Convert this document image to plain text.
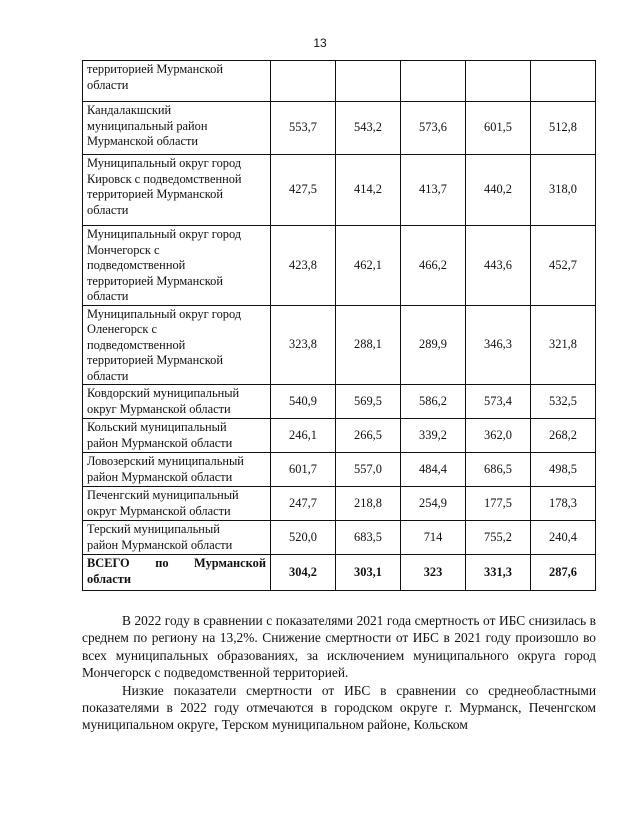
13
территорией Мурманской
области					

Кандалакшский
муниципальный район
Мурманской области	553,7	543,2	573,6	601,5	512,8

Муниципальный округ город
Кировск с подведомственной
территорией Мурманской
области	427,5	414,2	413,7	440,2	318,0

Муниципальный округ город
Мончегорск с
подведомственной
территорией Мурманской
области	423,8	462,1	466,2	443,6	452,7

Муниципальный округ город
Оленегорск с
подведомственной
территорией Мурманской
области	323,8	288,1	289,9	346,3	321,8

Ковдорский муниципальный
округ Мурманской области	540,9	569,5	586,2	573,4	532,5

Кольский муниципальный
район Мурманской области	246,1	266,5	339,2	362,0	268,2

Ловозерский муниципальный
район Мурманской области	601,7	557,0	484,4	686,5	498,5

Печенгский муниципальный
округ Мурманской области	247,7	218,8	254,9	177,5	178,3

Терский муниципальный
район Мурманской области	520,0	683,5	714	755,2	240,4

ВСЕГО по Мурманской
области	304,2	303,1	323	331,3	287,6

В 2022 году в сравнении с показателями 2021 года смертность от ИБС снизилась в среднем по региону на 13,2%. Снижение смертности от ИБС в 2021 году произошло во всех муниципальных образованиях, за исключением муниципального округа город Мончегорск с подведомственной территорией.

Низкие показатели смертности от ИБС в сравнении со среднеобластными показателями в 2022 году отмечаются в городском округе г. Мурманск, Печенгском муниципальном округе, Терском муниципальном районе, Кольском
